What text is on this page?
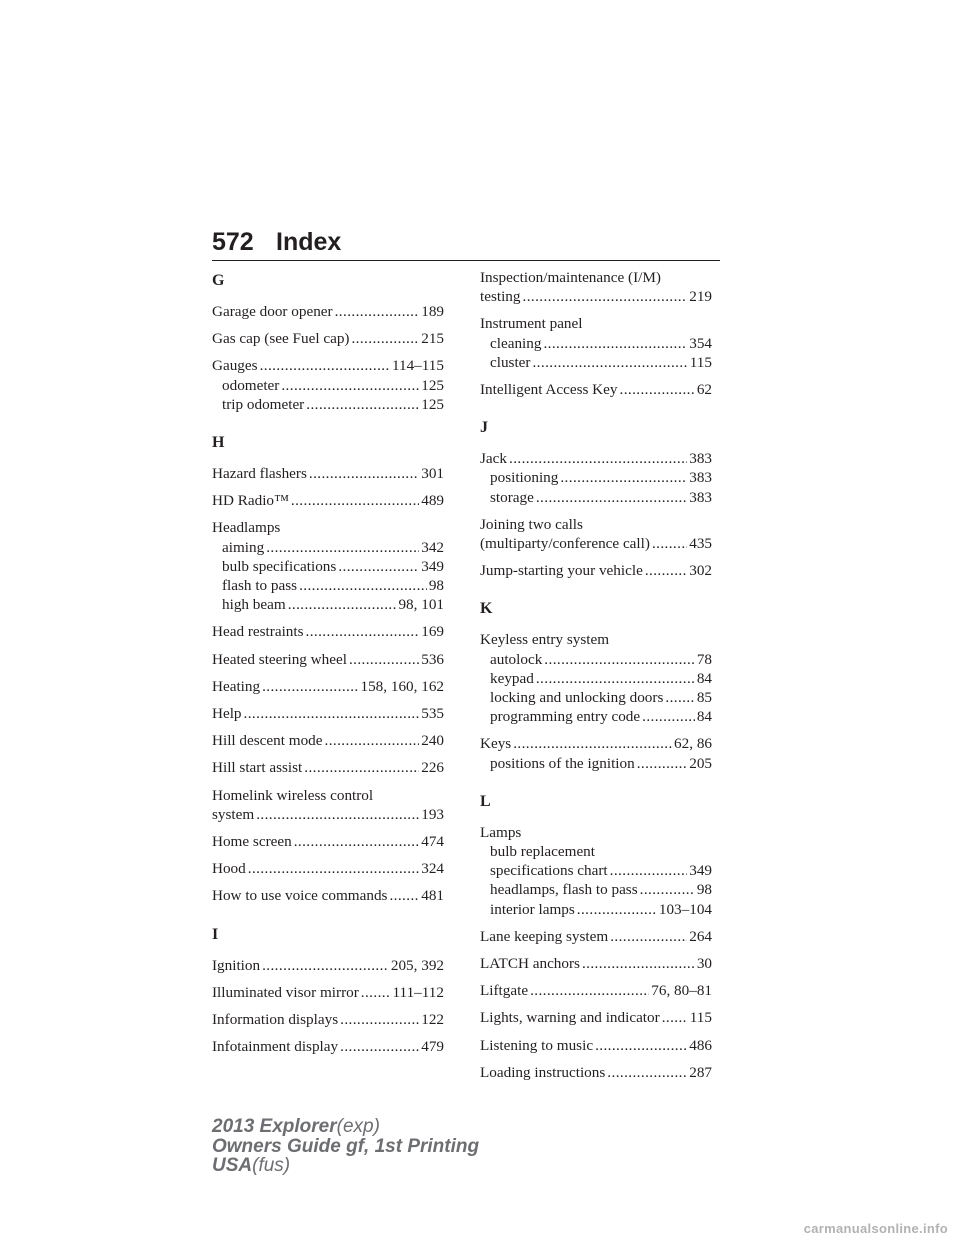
572 Index
G
Garage door opener .....	189
Gas cap (see Fuel cap) .....	215
Gauges .....	114–115
odometer .....	125
trip odometer .....	125
H
Hazard flashers .....	301
HD Radio™ .....	489
Headlamps
aiming .....	342
bulb specifications .....	349
flash to pass .....	98
high beam .....	98, 101
Head restraints .....	169
Heated steering wheel .....	536
Heating .....	158, 160, 162
Help .....	535
Hill descent mode .....	240
Hill start assist .....	226
Homelink wireless control
system .....	193
Home screen .....	474
Hood .....	324
How to use voice commands ..... 481
I
Ignition .....	205, 392
Illuminated visor mirror ..... 111–112
Information displays .....	122
Infotainment display .....	479
Inspection/maintenance (I/M)
testing .....	219
Instrument panel
cleaning .....	354
cluster .....	115
Intelligent Access Key .....	62
J
Jack .....	383
positioning .....	383
storage .....	383
Joining two calls
(multiparty/conference call) .....	435
Jump-starting your vehicle .....	302
K
Keyless entry system
autolock .....	78
keypad .....	84
locking and unlocking doors ..... 85
programming entry code .....	84
Keys .....	62, 86
positions of the ignition .....	205
L
Lamps
bulb replacement
specifications chart .....	349
headlamps, flash to pass .....	98
interior lamps .....	103–104
Lane keeping system .....	264
LATCH anchors .....	30
Liftgate .....	76, 80–81
Lights, warning and indicator ..... 115
Listening to music .....	486
Loading instructions .....	287
2013 Explorer(exp)
Owners Guide gf, 1st Printing
USA(fus)
carmanualsonline.info
